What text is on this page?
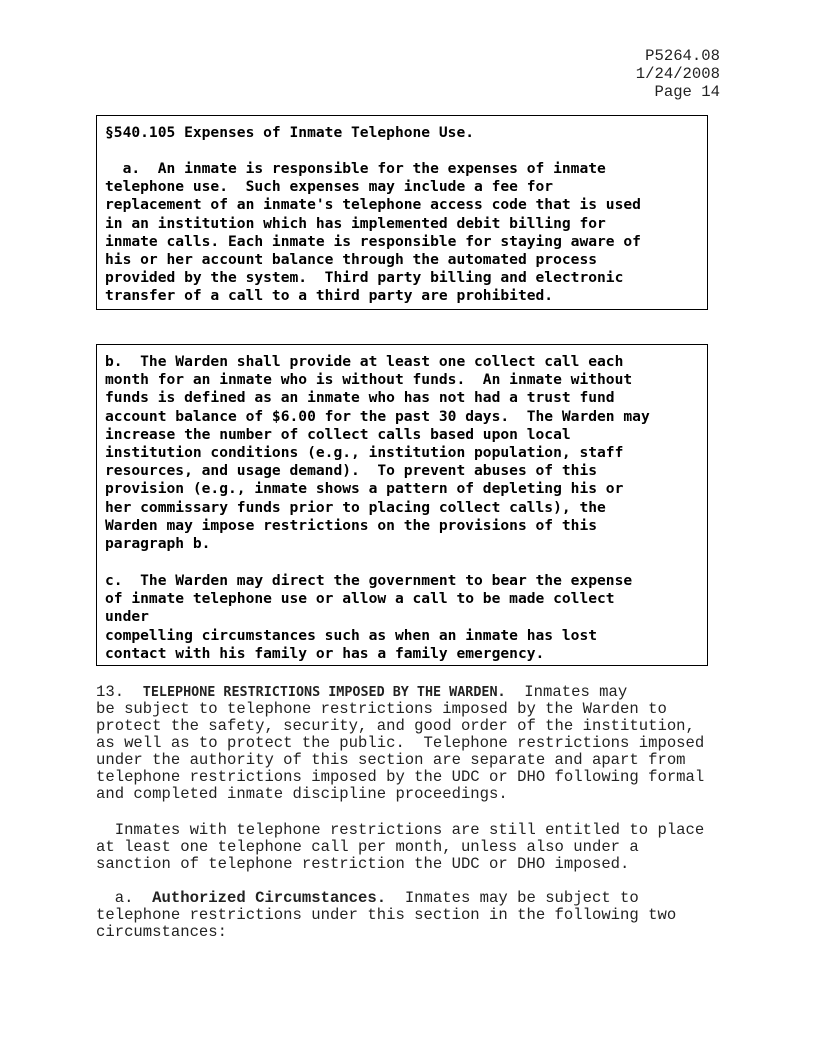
P5264.08
1/24/2008
Page 14
§540.105 Expenses of Inmate Telephone Use.
a.  An inmate is responsible for the expenses of inmate
telephone use.  Such expenses may include a fee for
replacement of an inmate's telephone access code that is used
in an institution which has implemented debit billing for
inmate calls. Each inmate is responsible for staying aware of
his or her account balance through the automated process
provided by the system.  Third party billing and electronic
transfer of a call to a third party are prohibited.
b.  The Warden shall provide at least one collect call each
month for an inmate who is without funds.  An inmate without
funds is defined as an inmate who has not had a trust fund
account balance of $6.00 for the past 30 days.  The Warden may
increase the number of collect calls based upon local
institution conditions (e.g., institution population, staff
resources, and usage demand).  To prevent abuses of this
provision (e.g., inmate shows a pattern of depleting his or
her commissary funds prior to placing collect calls), the
Warden may impose restrictions on the provisions of this
paragraph b.
c.  The Warden may direct the government to bear the expense
of inmate telephone use or allow a call to be made collect
under
compelling circumstances such as when an inmate has lost
contact with his family or has a family emergency.
13.  TELEPHONE RESTRICTIONS IMPOSED BY THE WARDEN.  Inmates may
be subject to telephone restrictions imposed by the Warden to
protect the safety, security, and good order of the institution,
as well as to protect the public.  Telephone restrictions imposed
under the authority of this section are separate and apart from
telephone restrictions imposed by the UDC or DHO following formal
and completed inmate discipline proceedings.
Inmates with telephone restrictions are still entitled to place
at least one telephone call per month, unless also under a
sanction of telephone restriction the UDC or DHO imposed.
a.  Authorized Circumstances.  Inmates may be subject to
telephone restrictions under this section in the following two
circumstances:
